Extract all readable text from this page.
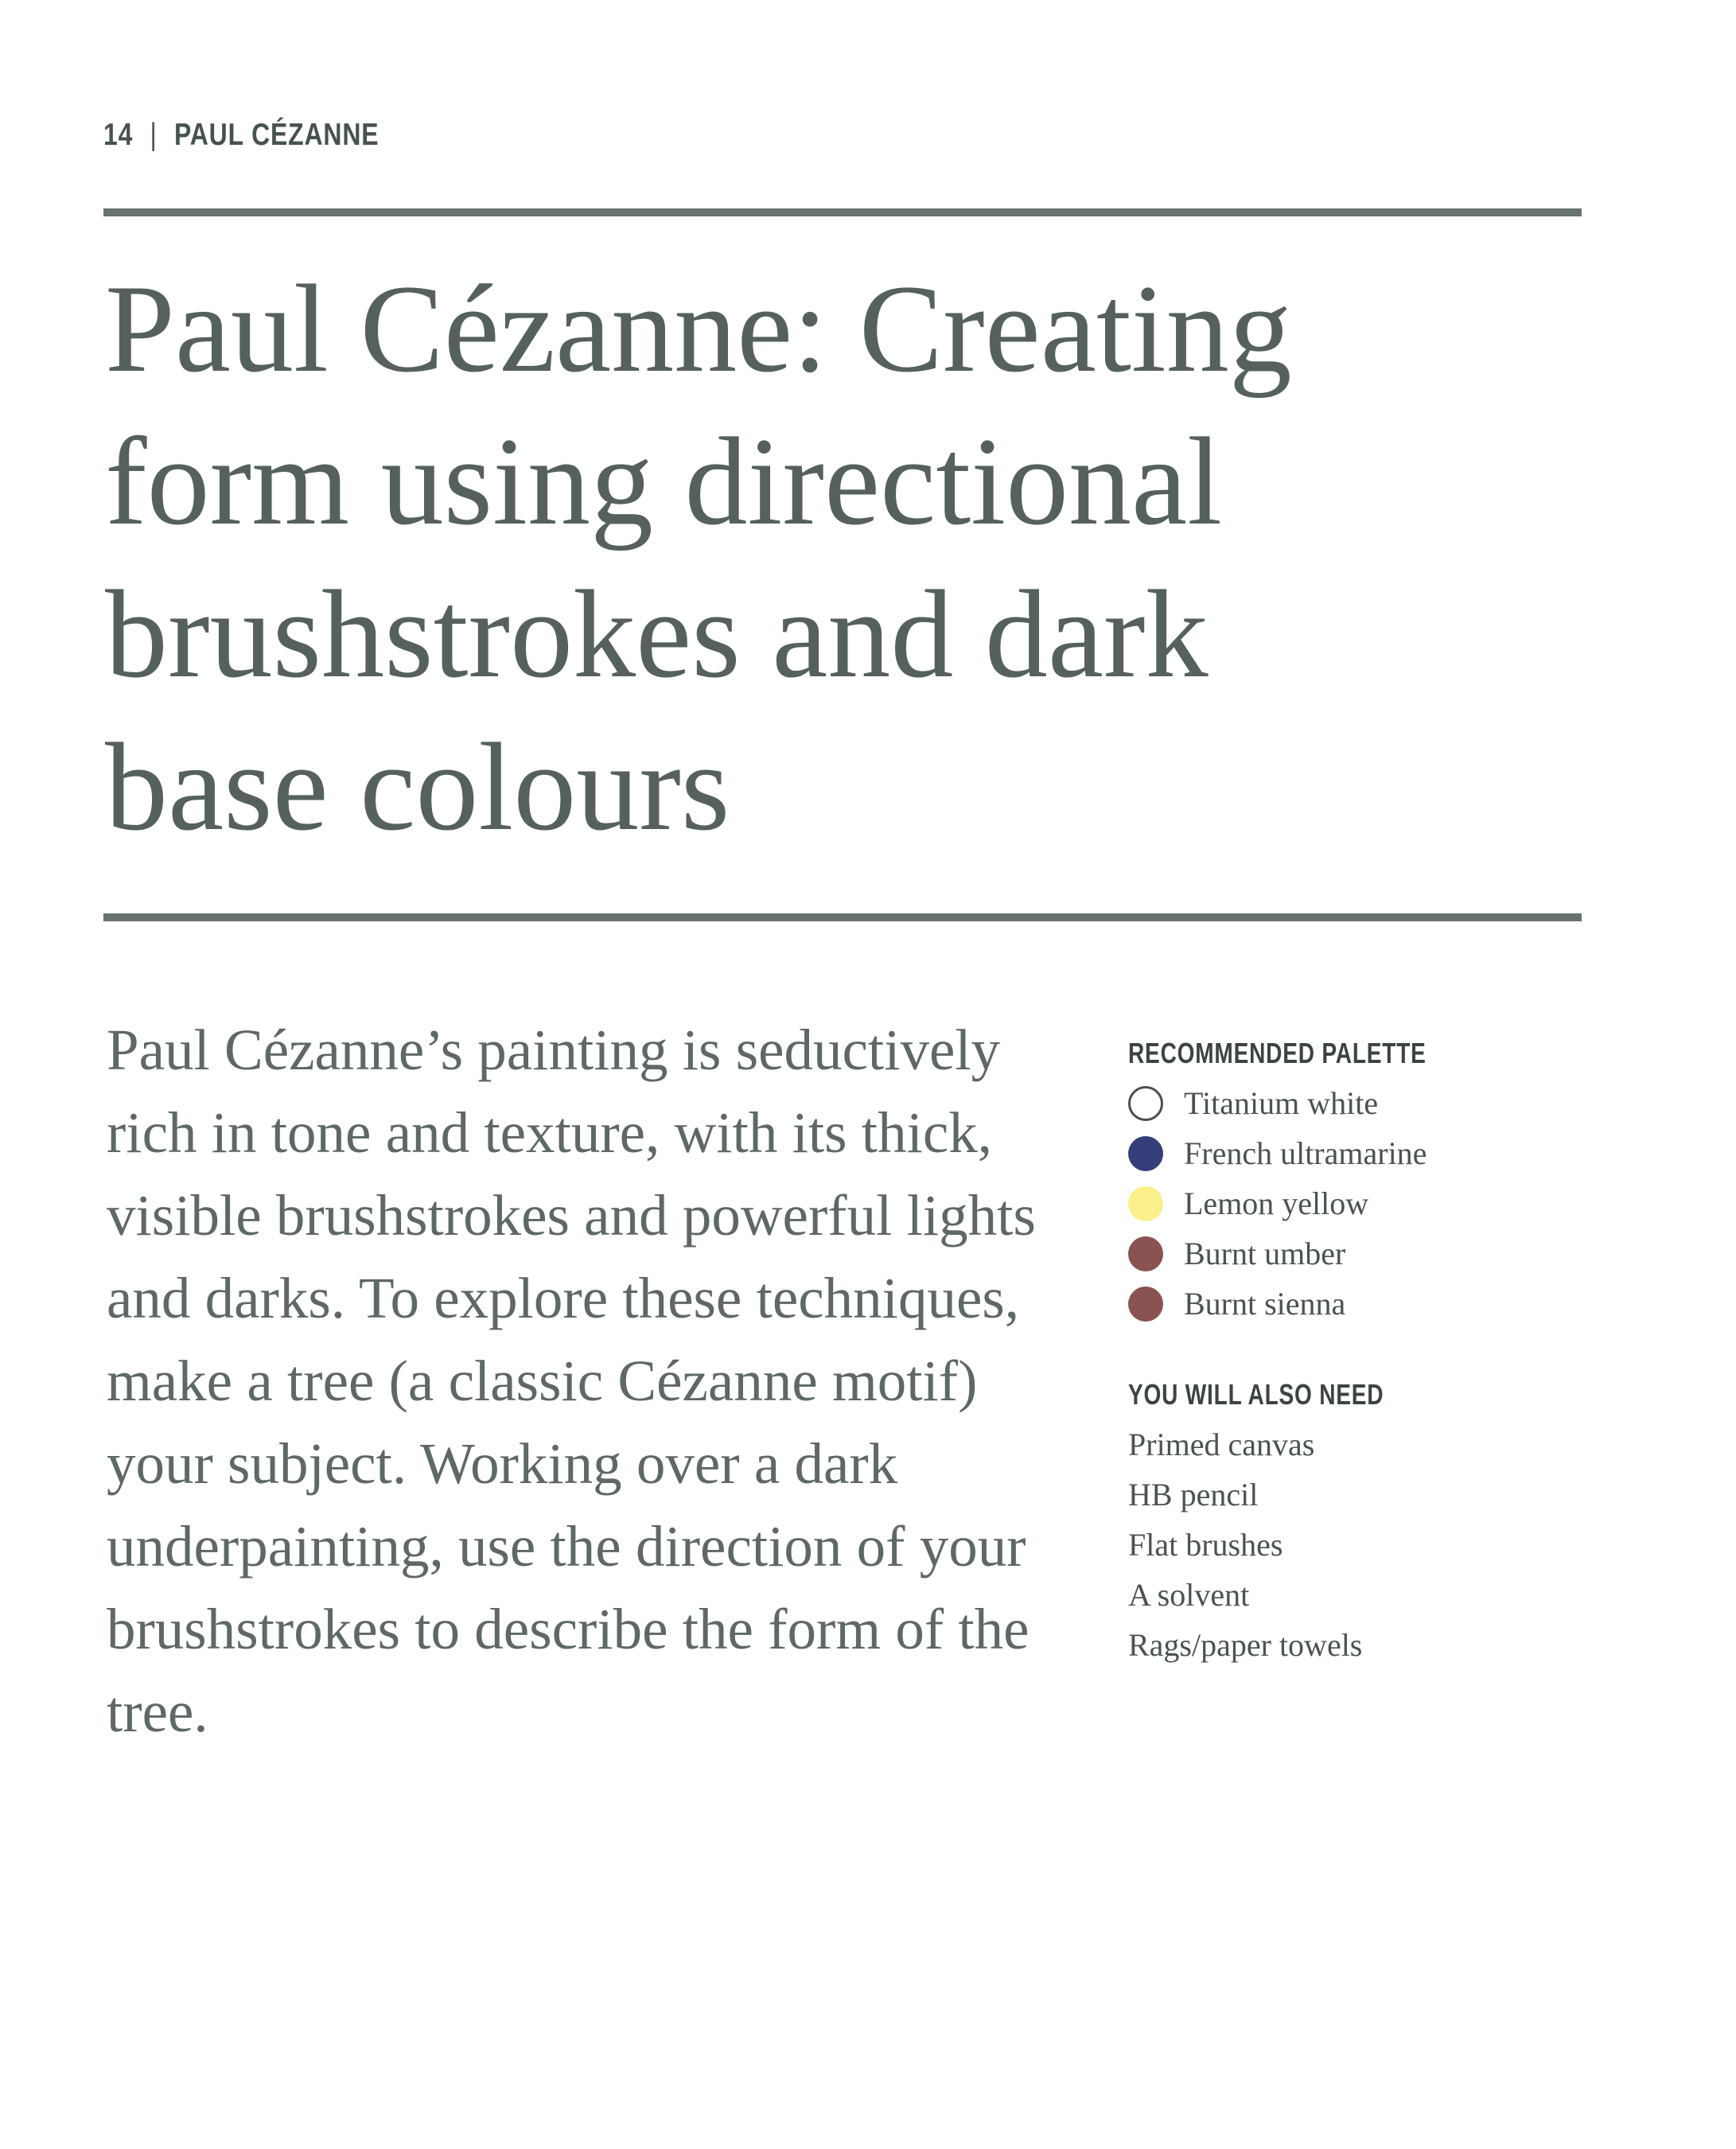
14 | PAUL CÉZANNE
Paul Cézanne: Creating form using directional brushstrokes and dark base colours

Paul Cézanne’s painting is seductively rich in tone and texture, with its thick, visible brushstrokes and powerful lights and darks. To explore these techniques, make a tree (a classic Cézanne motif) your subject. Working over a dark underpainting, use the direction of your brushstrokes to describe the form of the tree.

RECOMMENDED PALETTE
Titanium white
French ultramarine
Lemon yellow
Burnt umber
Burnt sienna
YOU WILL ALSO NEED
Primed canvas
HB pencil
Flat brushes
A solvent
Rags/paper towels
